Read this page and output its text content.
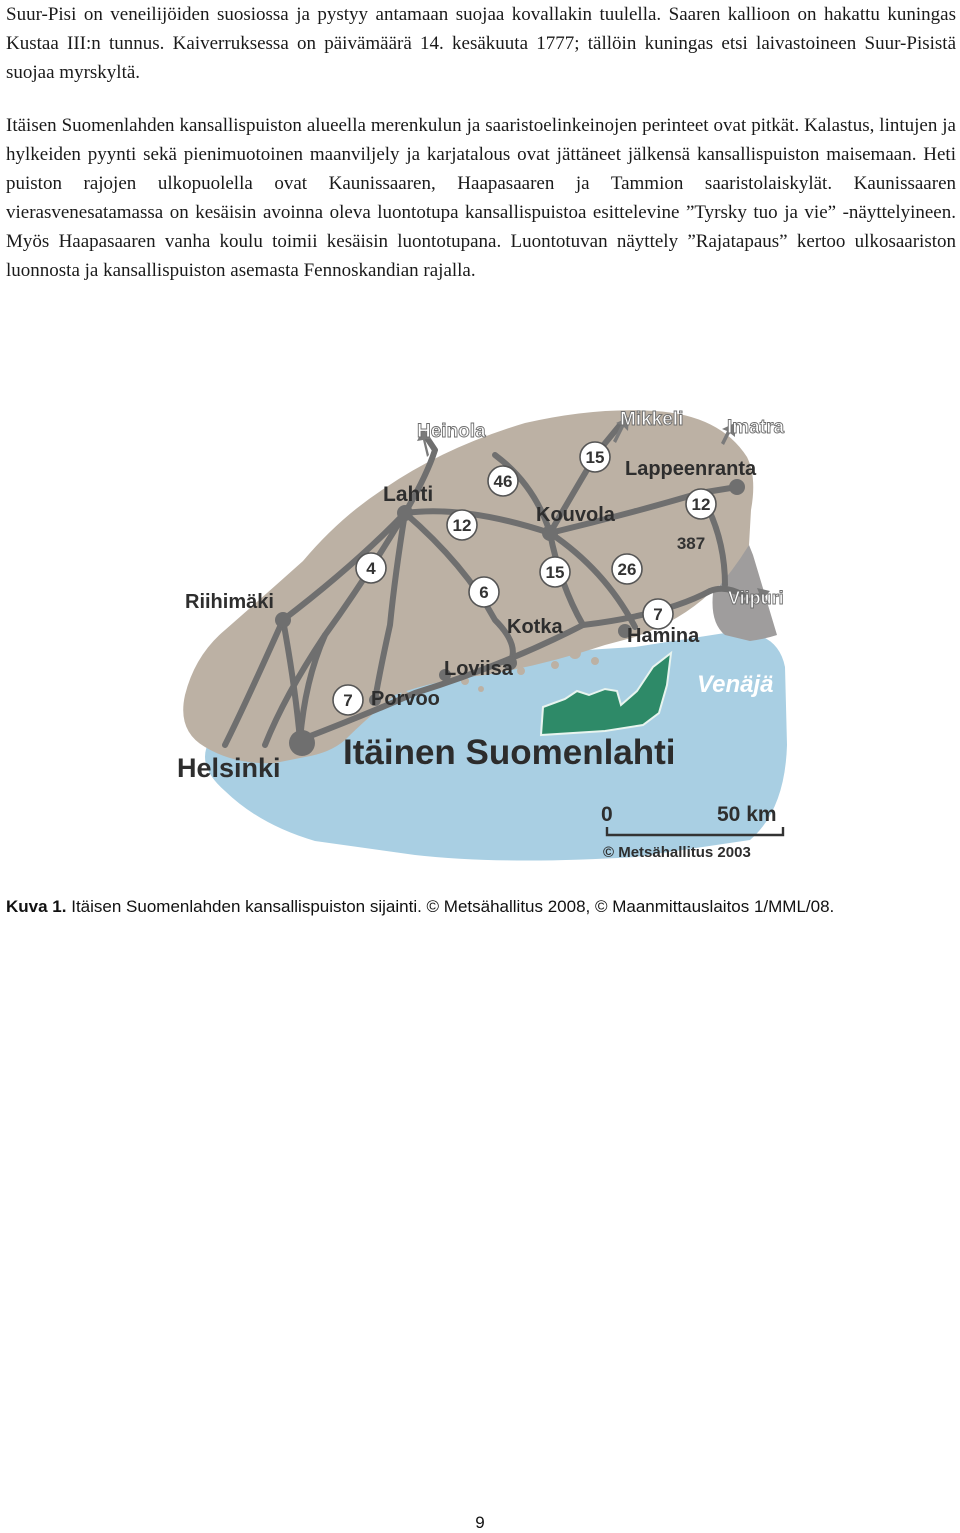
Suur-Pisi on veneilijöiden suosiossa ja pystyy antamaan suojaa kovallakin tuulella. Saaren kallioon on hakattu kuningas Kustaa III:n tunnus. Kaiverruksessa on päivämäärä 14. kesäkuuta 1777; tällöin kuningas etsi laivastoineen Suur-Pisistä suojaa myrskyltä.

Itäisen Suomenlahden kansallispuiston alueella merenkulun ja saaristoelinkeinojen perinteet ovat pitkät. Kalastus, lintujen ja hylkeiden pyynti sekä pienimuotoinen maanviljely ja karjatalous ovat jättäneet jälkensä kansallispuiston maisemaan. Heti puiston rajojen ulkopuolella ovat Kaunissaaren, Haapasaaren ja Tammion saaristolaiskylät. Kaunissaaren vierasvenesatamassa on kesäisin avoinna oleva luontotupa kansallispuistoa esittelevine ”Tyrsky tuo ja vie” -näyttelyineen. Myös Haapasaaren vanha koulu toimii kesäisin luontotupana. Luontotuvan näyttely ”Rajatapaus” kertoo ulkosaariston luonnosta ja kansallispuiston asemasta Fennoskandian rajalla.

46
15
12
12
387
4
6
15	26
7
7
Heinola
Mikkeli Imatra
Viipuri
Lahti
Kouvola
Lappeenranta
Riihimäki
Kotka	Hamina
Loviisa
Porvoo
Helsinki
Venäjä
Itäinen Suomenlahti
0	50 km
© Metsähallitus 2003

Kuva 1. Itäisen Suomenlahden kansallispuiston sijainti. © Metsähallitus 2008, © Maanmittauslaitos 1/MML/08.

9
